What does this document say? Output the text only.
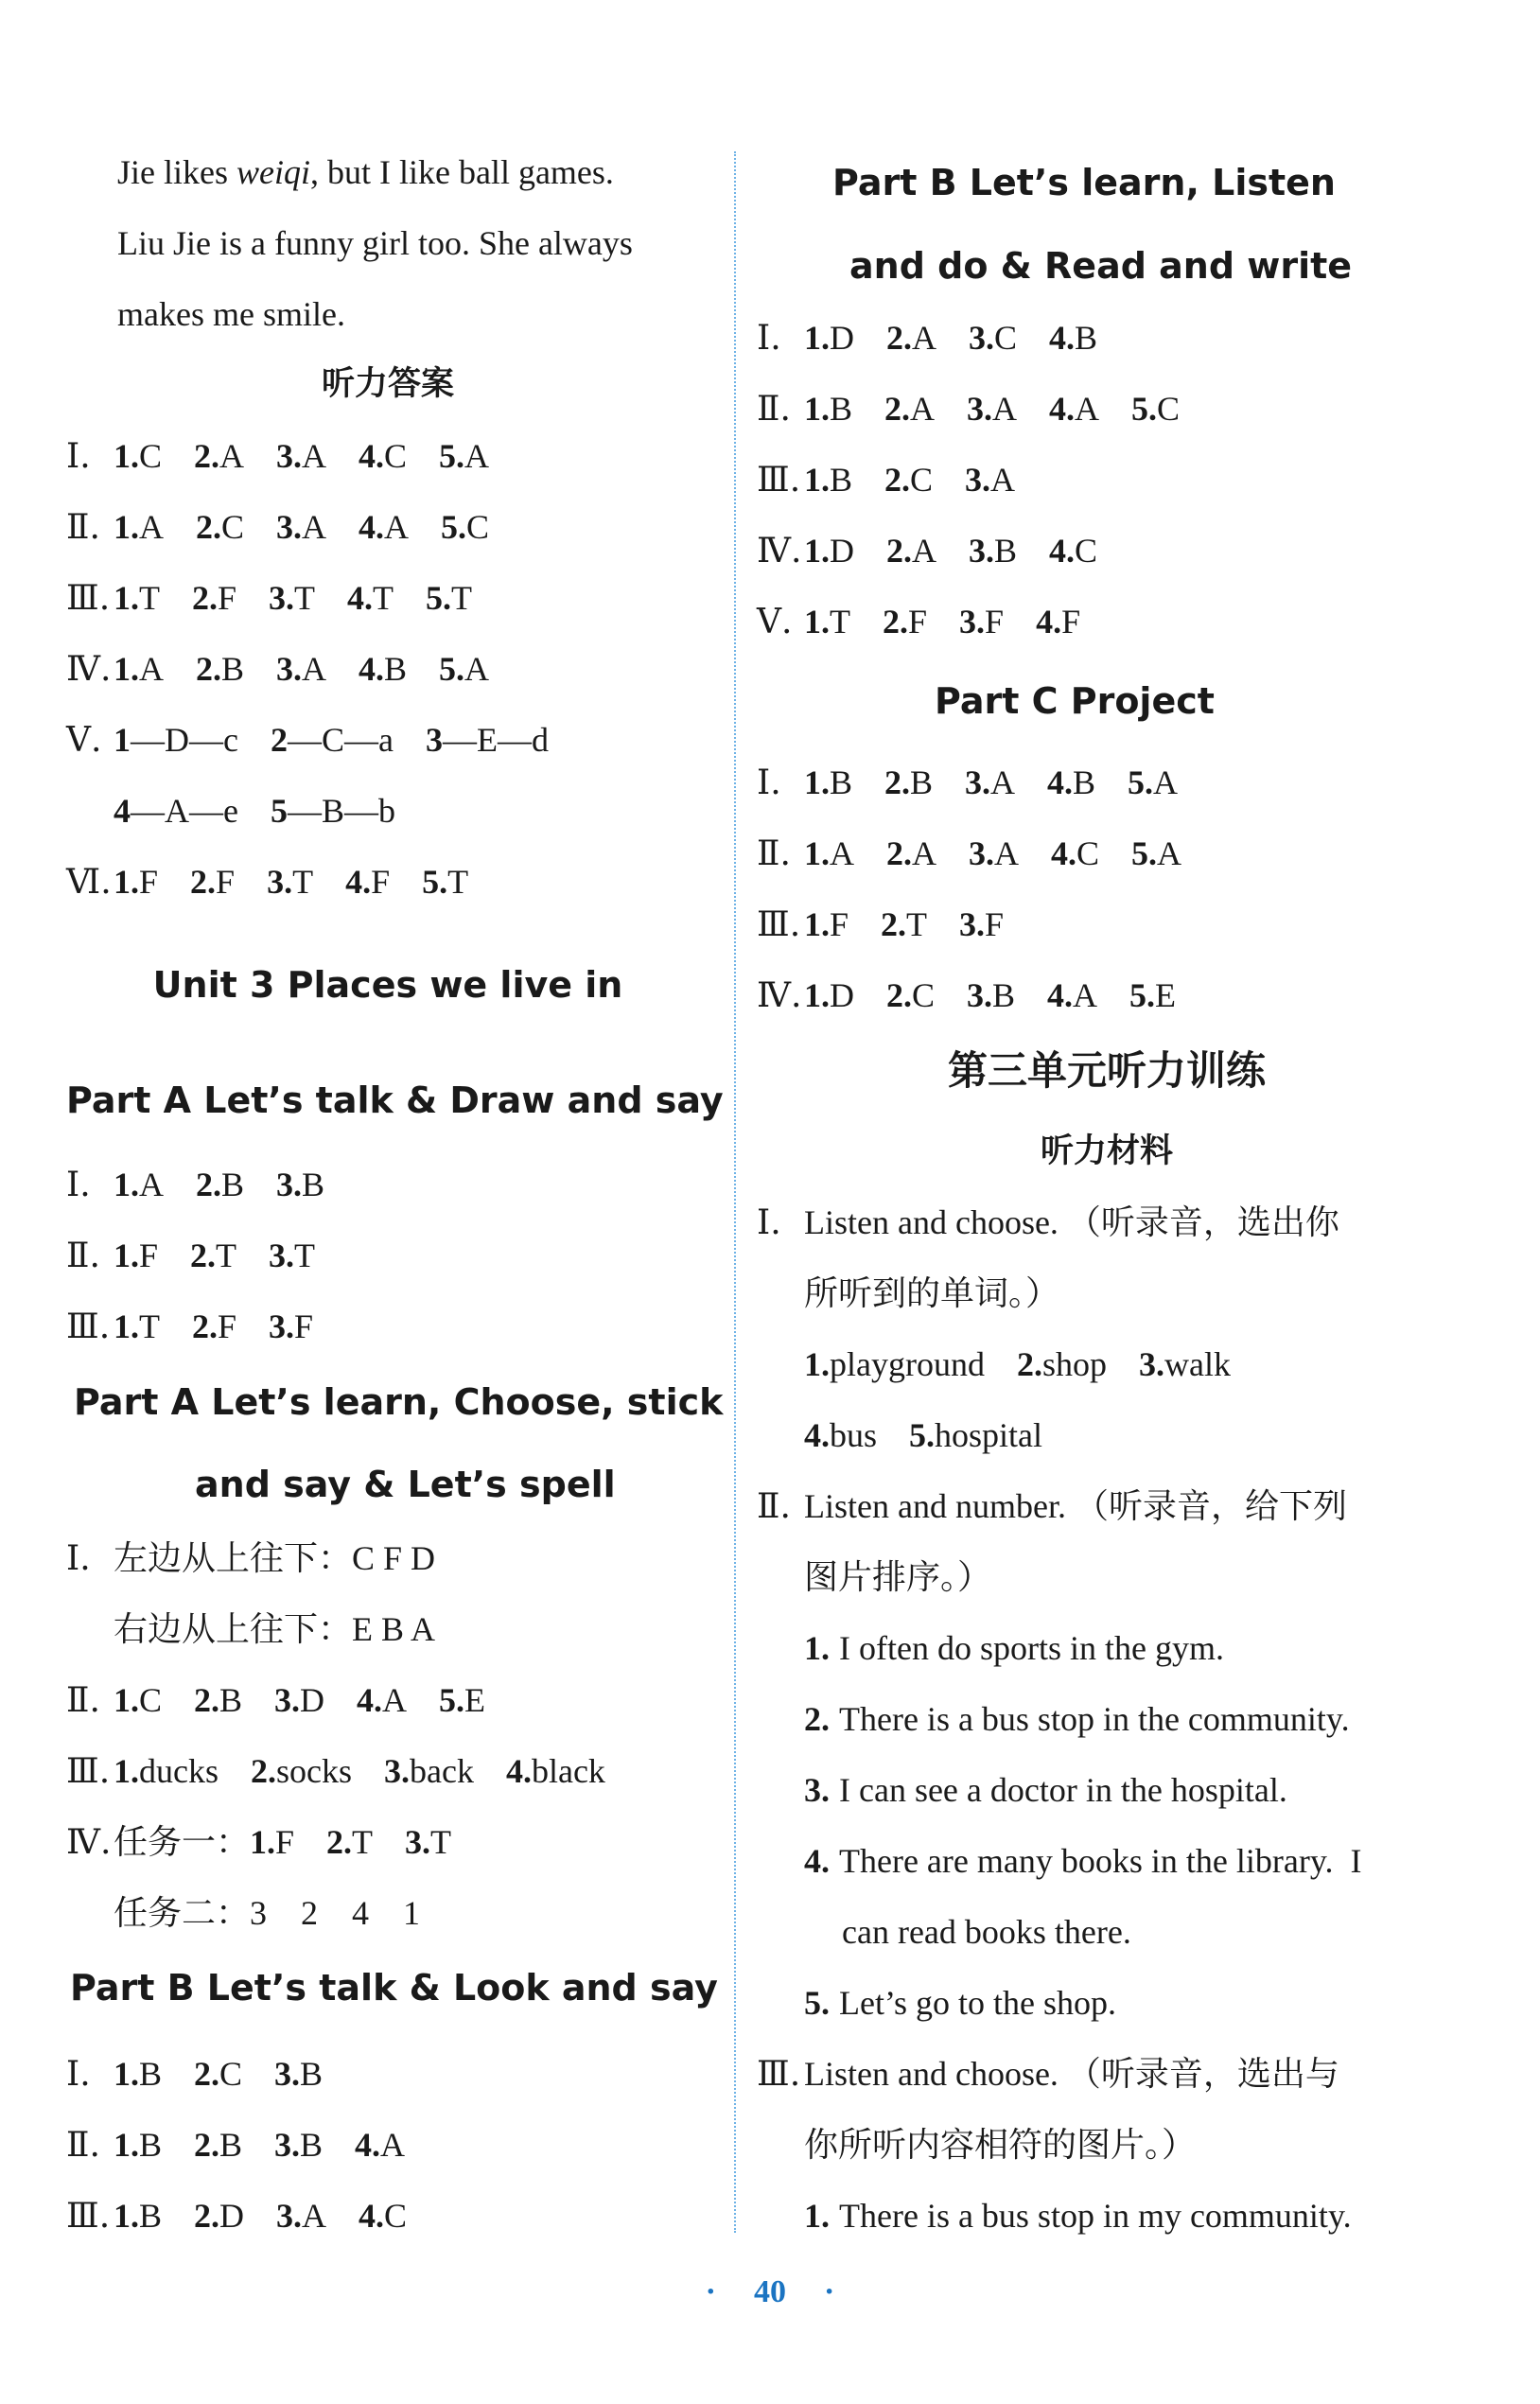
Jie likes weiqi, but I like ball games.
Liu Jie is a funny girl too. She always
makes me smile.
听力答案
Ⅰ. 1.C 2.A 3.A 4.C 5.A
Ⅱ. 1.A 2.C 3.A 4.A 5.C
Ⅲ. 1.T 2.F 3.T 4.T 5.T
Ⅳ.1.A 2.B 3.A 4.B 5.A
Ⅴ. 1—D—c 2—C—a 3—E—d
4—A—e 5—B—b
Ⅵ.1.F 2.F 3.T 4.F 5.T
Unit 3 Places we live in
Part A Let’s talk & Draw and say
Ⅰ. 1.A 2.B 3.B
Ⅱ. 1.F 2.T 3.T
Ⅲ. 1.T 2.F 3.F
Part A Let’s learn, Choose, stick
and say & Let’s spell
Ⅰ. 左边从上往下：C F D
右边从上往下：E B A
Ⅱ. 1.C 2.B 3.D 4.A 5.E
Ⅲ. 1.ducks 2.socks 3.back 4.black
Ⅳ.任务一：1.F 2.T 3.T
任务二：3    2    4    1
Part B Let’s talk & Look and say
Ⅰ. 1.B 2.C 3.B
Ⅱ. 1.B 2.B 3.B 4.A
Ⅲ. 1.B 2.D 3.A 4.C
Part B Let’s learn, Listen
and do & Read and write
Ⅰ. 1.D 2.A 3.C 4.B
Ⅱ. 1.B 2.A 3.A 4.A 5.C
Ⅲ. 1.B 2.C 3.A
Ⅳ.1.D 2.A 3.B 4.C
Ⅴ. 1.T 2.F 3.F 4.F
Part C Project
Ⅰ. 1.B 2.B 3.A 4.B 5.A
Ⅱ. 1.A 2.A 3.A 4.C 5.A
Ⅲ. 1.F 2.T 3.F
Ⅳ.1.D 2.C 3.B 4.A 5.E
第三单元听力训练
听力材料
Ⅰ. Listen and choose. （听录音，选出你
所听到的单词。）
1.playground 2.shop 3.walk
4.bus 5.hospital
Ⅱ. Listen and number. （听录音，给下列
图片排序。）
1. I often do sports in the gym.
2. There is a bus stop in the community.
3. I can see a doctor in the hospital.
4. There are many books in the library.  I
can read books there.
5. Let’s go to the shop.
Ⅲ. Listen and choose. （听录音，选出与
你所听内容相符的图片。）
1. There is a bus stop in my community.
· 40 ·
